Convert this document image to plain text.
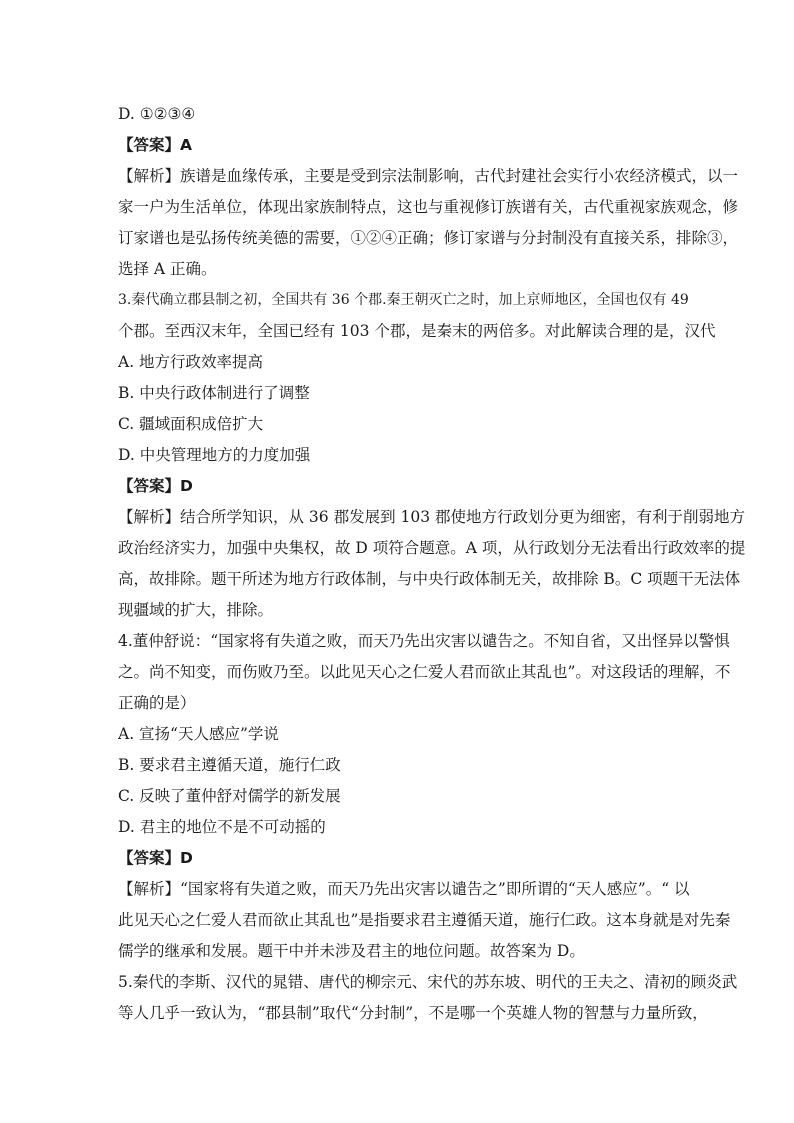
D. ①②③④
【答案】A
【解析】族谱是血缘传承，主要是受到宗法制影响，古代封建社会实行小农经济模式，以一
家一户为生活单位，体现出家族制特点，这也与重视修订族谱有关，古代重视家族观念，修
订家谱也是弘扬传统美德的需要，①②④正确；修订家谱与分封制没有直接关系，排除③，
选择 A 正确。
3.秦代确立郡县制之初，全国共有 36 个郡.秦王朝灭亡之时，加上京师地区，全国也仅有 49
个郡。至西汉末年，全国已经有 103 个郡，是秦末的两倍多。对此解读合理的是，汉代
A. 地方行政效率提高
B. 中央行政体制进行了调整
C. 疆域面积成倍扩大
D. 中央管理地方的力度加强
【答案】D
【解析】结合所学知识，从 36 郡发展到 103 郡使地方行政划分更为细密，有利于削弱地方
政治经济实力，加强中央集权，故 D 项符合题意。A 项，从行政划分无法看出行政效率的提
高，故排除。题干所述为地方行政体制，与中央行政体制无关，故排除 B。C 项题干无法体
现疆域的扩大，排除。
4.董仲舒说：“国家将有失道之败，而天乃先出灾害以谴告之。不知自省，又出怪异以警惧
之。尚不知变，而伤败乃至。以此见天心之仁爱人君而欲止其乱也”。对这段话的理解，不
正确的是）
A. 宣扬“天人感应”学说
B. 要求君主遵循天道，施行仁政
C. 反映了董仲舒对儒学的新发展
D. 君主的地位不是不可动摇的
【答案】D
【解析】“国家将有失道之败，而天乃先出灾害以谴告之”即所谓的“天人感应”。“ 以
此见天心之仁爱人君而欲止其乱也”是指要求君主遵循天道，施行仁政。这本身就是对先秦
儒学的继承和发展。题干中并未涉及君主的地位问题。故答案为 D。
5.秦代的李斯、汉代的晁错、唐代的柳宗元、宋代的苏东坡、明代的王夫之、清初的顾炎武
等人几乎一致认为，“郡县制”取代“分封制”，不是哪一个英雄人物的智慧与力量所致，
